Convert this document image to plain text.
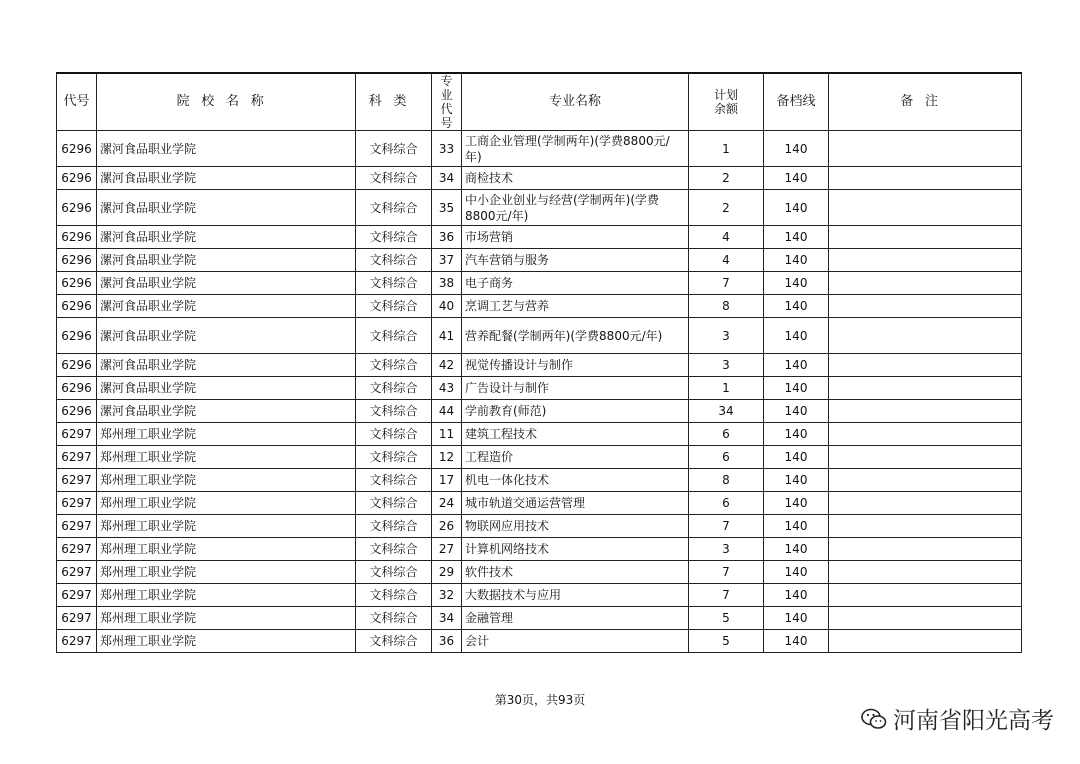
代号	院校名称	科类	专业代号	专业名称	计划余额	备档线	备注
6296	漯河食品职业学院	文科综合	33	工商企业管理(学制两年)(学费8800元/年)	1	140	
6296	漯河食品职业学院	文科综合	34	商检技术	2	140	
6296	漯河食品职业学院	文科综合	35	中小企业创业与经营(学制两年)(学费8800元/年)	2	140	
6296	漯河食品职业学院	文科综合	36	市场营销	4	140	
6296	漯河食品职业学院	文科综合	37	汽车营销与服务	4	140	
6296	漯河食品职业学院	文科综合	38	电子商务	7	140	
6296	漯河食品职业学院	文科综合	40	烹调工艺与营养	8	140	
6296	漯河食品职业学院	文科综合	41	营养配餐(学制两年)(学费8800元/年)	3	140	
6296	漯河食品职业学院	文科综合	42	视觉传播设计与制作	3	140	
6296	漯河食品职业学院	文科综合	43	广告设计与制作	1	140	
6296	漯河食品职业学院	文科综合	44	学前教育(师范)	34	140	
6297	郑州理工职业学院	文科综合	11	建筑工程技术	6	140	
6297	郑州理工职业学院	文科综合	12	工程造价	6	140	
6297	郑州理工职业学院	文科综合	17	机电一体化技术	8	140	
6297	郑州理工职业学院	文科综合	24	城市轨道交通运营管理	6	140	
6297	郑州理工职业学院	文科综合	26	物联网应用技术	7	140	
6297	郑州理工职业学院	文科综合	27	计算机网络技术	3	140	
6297	郑州理工职业学院	文科综合	29	软件技术	7	140	
6297	郑州理工职业学院	文科综合	32	大数据技术与应用	7	140	
6297	郑州理工职业学院	文科综合	34	金融管理	5	140	
6297	郑州理工职业学院	文科综合	36	会计	5	140	
第30页，共93页
河南省阳光高考
